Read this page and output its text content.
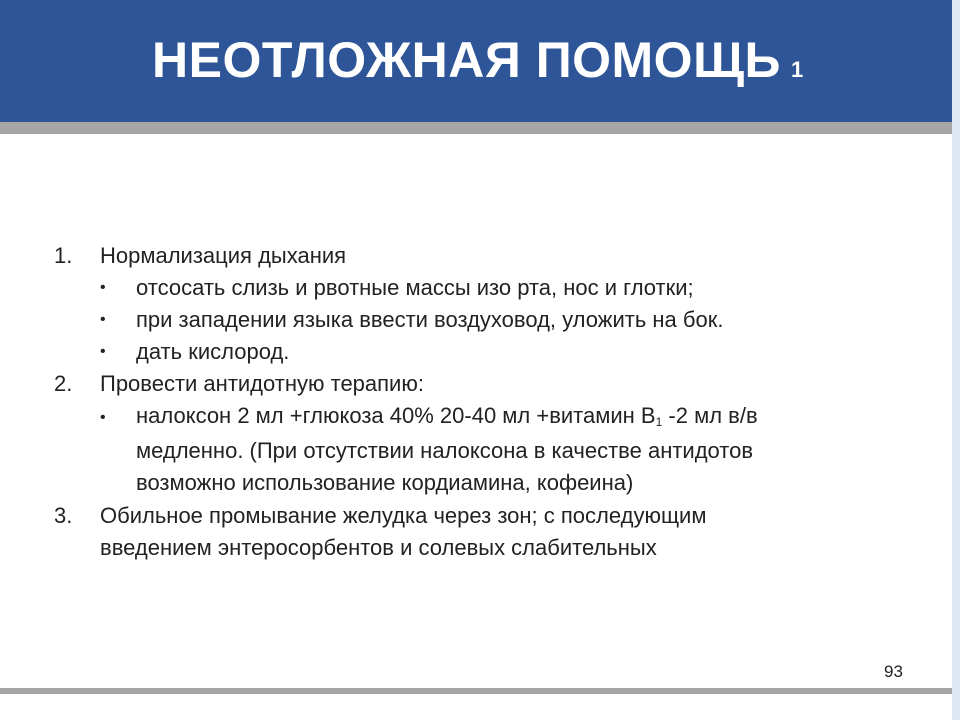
НЕОТЛОЖНАЯ ПОМОЩЬ 1
1. Нормализация дыхания
• отсосать слизь и рвотные массы изо рта, нос и глотки;
• при западении языка ввести воздуховод, уложить на бок.
• дать кислород.
2. Провести антидотную терапию:
• налоксон 2 мл +глюкоза 40% 20-40 мл +витамин $В_1$ -2 мл в/в
медленно. (При отсутствии налоксона в качестве антидотов
возможно использование кордиамина, кофеина)
3. Обильное промывание желудка через зон; с последующим
введением энтеросорбентов и солевых слабительных
93
